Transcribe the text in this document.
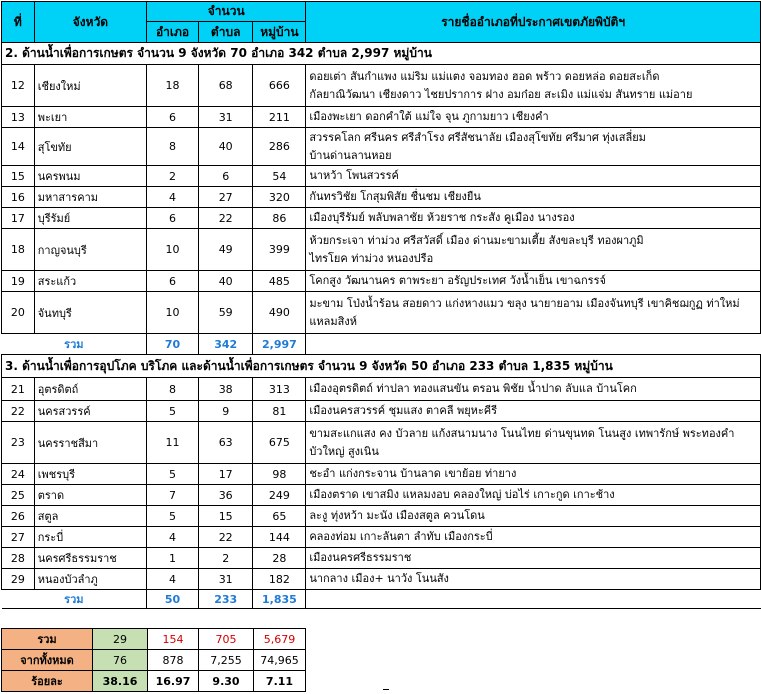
ที่	จังหวัด	จำนวน			รายชื่ออำเภอที่ประกาศเขตภัยพิบัติฯ
		อำเภอ	ตำบล	หมู่บ้าน	
2. ด้านน้ำเพื่อการเกษตร จำนวน 9 จังหวัด 70 อำเภอ 342 ตำบล 2,997 หมู่บ้าน					
12	เชียงใหม่	18	68	666	ดอยเต่า สันกำแพง แม่ริม แม่แตง จอมทอง ฮอด พร้าว ดอยหล่อ ดอยสะเก็ด
กัลยาณิวัฒนา เชียงดาว ไชยปราการ ฝาง อมก๋อย สะเมิง แม่แจ่ม สันทราย แม่อาย

13	พะเยา	6	31	211	เมืองพะเยา ดอกคำใต้ แม่ใจ จุน ภูกามยาว เชียงคำ

14	สุโขทัย	8	40	286	สวรรคโลก ศรีนคร ศรีสำโรง ศรีสัชนาลัย เมืองสุโขทัย ศรีมาศ ทุ่งเสลี่ยม
บ้านด่านลานหอย

15	นครพนม	2	6	54	นาหว้า โพนสวรรค์

16	มหาสารคาม	4	27	320	กันทรวิชัย โกสุมพิสัย ชื่นชม เชียงยืน

17	บุรีรัมย์	6	22	86	เมืองบุรีรัมย์ พลับพลาชัย ห้วยราช กระสัง คูเมือง นางรอง

18	กาญจนบุรี	10	49	399	ห้วยกระเจา ท่าม่วง ศรีสวัสดิ์ เมือง ด่านมะขามเตี้ย สังขละบุรี ทองผาภูมิ
ไทรโยค ท่าม่วง หนองปรือ

19	สระแก้ว	6	40	485	โคกสูง วัฒนานคร ตาพระยา อรัญประเทศ วังน้ำเย็น เขาฉกรรจ์

20	จันทบุรี	10	59	490	มะขาม โป่งน้ำร้อน สอยดาว แก่งหางแมว ขลุง นายายอาม เมืองจันทบุรี เขาคิชฌกูฏ ท่าใหม่
แหลมสิงห์

รวม		70	342	2,997	
3. ด้านน้ำเพื่อการอุปโภค บริโภค และด้านน้ำเพื่อการเกษตร จำนวน 9 จังหวัด 50 อำเภอ 233 ตำบล 1,835 หมู่บ้าน					
21	อุตรดิตถ์	8	38	313	เมืองอุตรดิตถ์ ท่าปลา ทองแสนขัน ตรอน พิชัย น้ำปาด ลับแล บ้านโคก

22	นครสวรรค์	5	9	81	เมืองนครสวรรค์ ชุมแสง ตาคลี พยุหะคีรี

23	นครราชสีมา	11	63	675	ขามสะแกแสง คง บัวลาย แก้งสนามนาง โนนไทย ด่านขุนทด โนนสูง เทพารักษ์ พระทองคำ
บัวใหญ่ สูงเนิน

24	เพชรบุรี	5	17	98	ชะอำ แก่งกระจาน บ้านลาด เขาย้อย ท่ายาง

25	ตราด	7	36	249	เมืองตราด เขาสมิง แหลมงอบ คลองใหญ่ บ่อไร่ เกาะกูด เกาะช้าง

26	สตูล	5	15	65	ละงู ทุ่งหว้า มะนัง เมืองสตูล ควนโดน

27	กระบี่	4	22	144	คลองท่อม เกาะลันตา ลำทับ เมืองกระบี่

28	นครศรีธรรมราช	1	2	28	เมืองนครศรีธรรมราช

29	หนองบัวลำภู	4	31	182	นากลาง เมือง+ นาวัง โนนสัง

รวม		50	233	1,835	
รวม	29	154	705	5,679
จากทั้งหมด	76	878	7,255	74,965
ร้อยละ	38.16	16.97	9.30	7.11
